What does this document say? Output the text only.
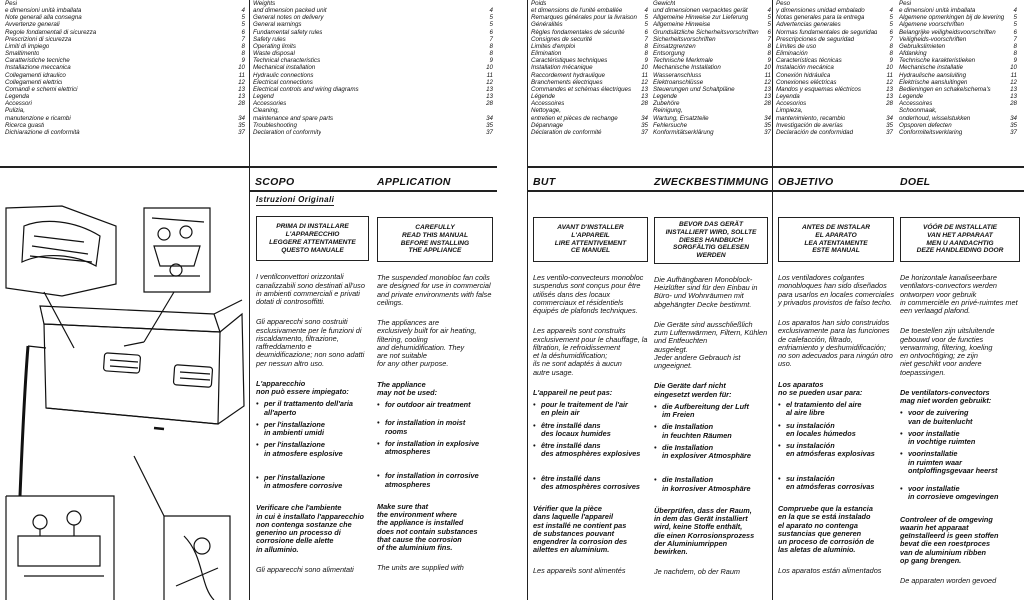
Pesi
e dimensioni unità imballata	4
Note generali alla consegna	5
Avvertenze generali	5
Regole fondamentali di sicurezza	6
Prescrizioni di sicurezza	7
Limiti di impiego	8
Smaltimento	8
Caratteristiche tecniche	9
Installazione meccanica	10
Collegamenti idraulico	11
Collegamenti elettrici	12
Comandi e schemi elettrici	13
Legenda	13
Accessori	28
Pulizia,
manutenzione e ricambi	34
Ricerca guasti	35
Dichiarazione di conformità	37
Weights
and dimension packed unit	4
General notes on delivery	5
General warnings	5
Fundamental safety rules	6
Safety rules	7
Operating limits	8
Waste disposal	8
Technical characteristics	9
Mechanical installation	10
Hydraulic connections	11
Electrical connections	12
Electrical controls and wiring diagrams	13
Legend	13
Accessories	28
Cleaning,
maintenance and spare parts	34
Troubleshooting	35
Declaration of conformity	37
SCOPO	APPLICATION
Istruzioni Originali
PRIMA DI INSTALLARE
L'APPARECCHIO
LEGGERE ATTENTAMENTE
QUESTO MANUALE
I ventilconvettori orizzontali canalizzabili sono destinati all'uso in ambienti commerciali e privati dotati di controsoffitti.
Gli apparecchi sono costruiti esclusivamente per le funzioni di riscaldamento, filtrazione, raffreddamento e deumidificazione; non sono adatti per nessun altro uso.
L'apparecchio
non può essere impiegato:
• per il trattamento dell'aria all'aperto
• per l'installazione
in ambienti umidi
• per l'installazione
in atmosfere esplosive
• per l'installazione
in atmosfere corrosive
Verificare che l'ambiente
in cui è installato l'apparecchio non contenga sostanze che generino un processo di corrosione delle alette
in alluminio.
Gli apparecchi sono alimentati
CAREFULLY
READ THIS MANUAL
BEFORE INSTALLING
THE APPLIANCE
The suspended monobloc fan coils are designed for use in commercial and private environments with false ceilings.
The appliances are
exclusively built for air heating, filtering, cooling
and dehumidification. They
are not suitable
for any other purpose.
The appliance
may not be used:
• for outdoor air treatment
• for installation in moist
rooms
• for installation in explosive
atmospheres
• for installation in corrosive
atmospheres
Make sure that
the environment where
the appliance is installed
does not contain substances
that cause the corrosion
of the aluminium fins.
The units are supplied with
Poids
et dimensions de l'unité emballée	4
Remarques générales pour la livraison 5
Généralités	5
Règles fondamentales de sécurité	6
Consignes de securité	7
Limites d'emploi	8
Elimination	8
Caractéristiques techniques	9
Installation mécanique	10
Raccordement hydraulique	11
Branchements électriques	12
Commandes et schémas électriques 13
Légende	13
Accessoires	28
Nettoyage,
entretien et pièces de rechange	34
Dépannage	35
Déclaration de conformité	37
Gewicht
und dimensionen verpacktes gerät	4
Allgemeine Hinweise zur Lieferung	5
Allgemeine Hinweise	5
Grundsätzliche Sicherheitsvorschriften 6
Sicherheitsvorschriften	7
Einsatzgrenzen	8
Entsorgung	8
Technische Merkmale	9
Mechanische Installation	10
Wasseranschluss	11
Elektroanschlüsse	12
Steuerungen und Schaltpläne	13
Legende	13
Zubehöre	28
Reinigung,
Wartung, Ersatzteile	34
Fehlersuche	35
Konformitätserklärung	37
Peso
y dimensiones unidad embalado	4
Notas generales para la entrega	5
Advertencias generales	5
Normas fundamentales de seguridad 6
Prescripciones de seguridad	7
Límites de uso	8
Eliminación	8
Características técnicas	9
Instalación mecánica	10
Conexión hidráulica	11
Conexiones eléctricas	12
Mandos y esquemas eléctricos	13
Leyenda	13
Accesorios	28
Limpieza,
mantenimiento, recambio	34
Investigación de averías	35
Declaración de conformidad	37
Pesi
e dimensioni unità imballata	4
Algemene opmerkingen bij de levering 5
Algemene voorschriften	5
Belangrijke veiligheidsvoorschriften	6
Veiligheids-voorschriften	7
Gebruikslimieten	8
Afdanking	8
Technische karakteristieken	9
Mechanische installatie	10
Hydraulische aansluiting	11
Elektrische aansluitingen	12
Bedieningen en schakelschema's	13
Legende	13
Accessoires	28
Schoonmaak,
onderhoud, wisselstukken	34
Opsporen defecten	35
Conformiteitsverklaring	37
BUT	ZWECKBESTIMMUNG OBJETIVO	DOEL
AVANT D'INSTALLER
L'APPAREIL
LIRE ATTENTIVEMENT
CE MANUEL
Les ventilo-convecteurs monobloc suspendus sont conçus pour être utilisés dans des locaux commerciaux et résidentiels équipés de plafonds techniques.
Les appareils sont construits exclusivement pour le chauffage, la filtration, le refroidissement
et la déshumidification;
ils ne sont adaptés à aucun
autre usage.
L'appareil ne peut pas:
• pour le traitement de l'air
en plein air
• être installé dans
des locaux humides
• être installé dans
des atmosphères explosives
• être installé dans
des atmosphères corrosives
Vérifier que la pièce
dans laquelle l'appareil
est installé ne contient pas
de substances pouvant
engendrer la corrosion des
ailettes en aluminium.
Les appareils sont alimentés
BEVOR DAS GERÄT
INSTALLIERT WIRD, SOLLTE
DIESES HANDBUCH
SORGFÄLTIG GELESEN
WERDEN
Die Aufhängbaren Monoblock-Heizlüfter sind für den Einbau in Büro- und Wohnräumen mit abgehängter Decke bestimmt.
Die Geräte sind ausschließlich zum Luftenwärmen, Filtern, Kühlen und Entfeuchten
ausgelegt.
Jeder andere Gebrauch ist
ungeeignet.
Die Geräte darf nicht
eingesetzt werden für:
• die Aufbereitung der Luft
im Freien
• die Installation
in feuchten Räumen
• die Installation
in explosiver Atmosphäre
• die Installation
in korrosiver Atmosphäre
Überprüfen, dass der Raum,
in dem das Gerät installiert
wird, keine Stoffe enthält,
die einen Korrosionsprozess
der Aluminiumrippen
bewirken.
Je nachdem, ob der Raum
ANTES DE INSTALAR
EL APARATO
LEA ATENTAMENTE
ESTE MANUAL
Los ventiladores colgantes monobloques han sido diseñados para usarlos en locales comerciales y privados provistos de falso techo.
Los aparatos han sido construidos exclusivamente para las funciones de calefacción, filtrado, enfriamiento y deshumidificación; no son adecuados para ningún otro uso.
Los aparatos
no se pueden usar para:
• el tratamiento del aire
al aire libre
• su instalación
en locales húmedos
• su instalación
en atmósferas explosivas
• su instalación
en atmósferas corrosivas
Compruebe que la estancia
en la que se está instalado
el aparato no contenga
sustancias que generen
un proceso de corrosión de
las aletas de aluminio.
Los aparatos están alimentados
VÓÓR DE INSTALLATIE
VAN HET APPARAAT
MEN U AANDACHTIG
DEZE HANDLEIDING DOOR
De horizontale kanaliseerbare ventilators-convectors werden ontworpen voor gebruik
in commerciële en privé-ruimtes met een verlaagd plafond.
De toestellen zijn uitsluitende gebouwd voor de functies verwarming, filtering, koeling
en ontvochtiging; ze zijn
niet geschikt voor andere
toepassingen.
De ventilators-convectors
mag niet worden gebruikt:
• voor de zuivering
van de buitenlucht
• voor installatie
in vochtige ruimten
• voorinstallatie
in ruimten waar
ontploffingsgevaar heerst
• voor installatie
in corrosieve omgevingen
Controleer of de omgeving
waarin het apparaat
geïnstalleerd is geen stoffen
bevat die een roestproces
van de aluminium ribben
op gang brengen.
De apparaten worden gevoed
